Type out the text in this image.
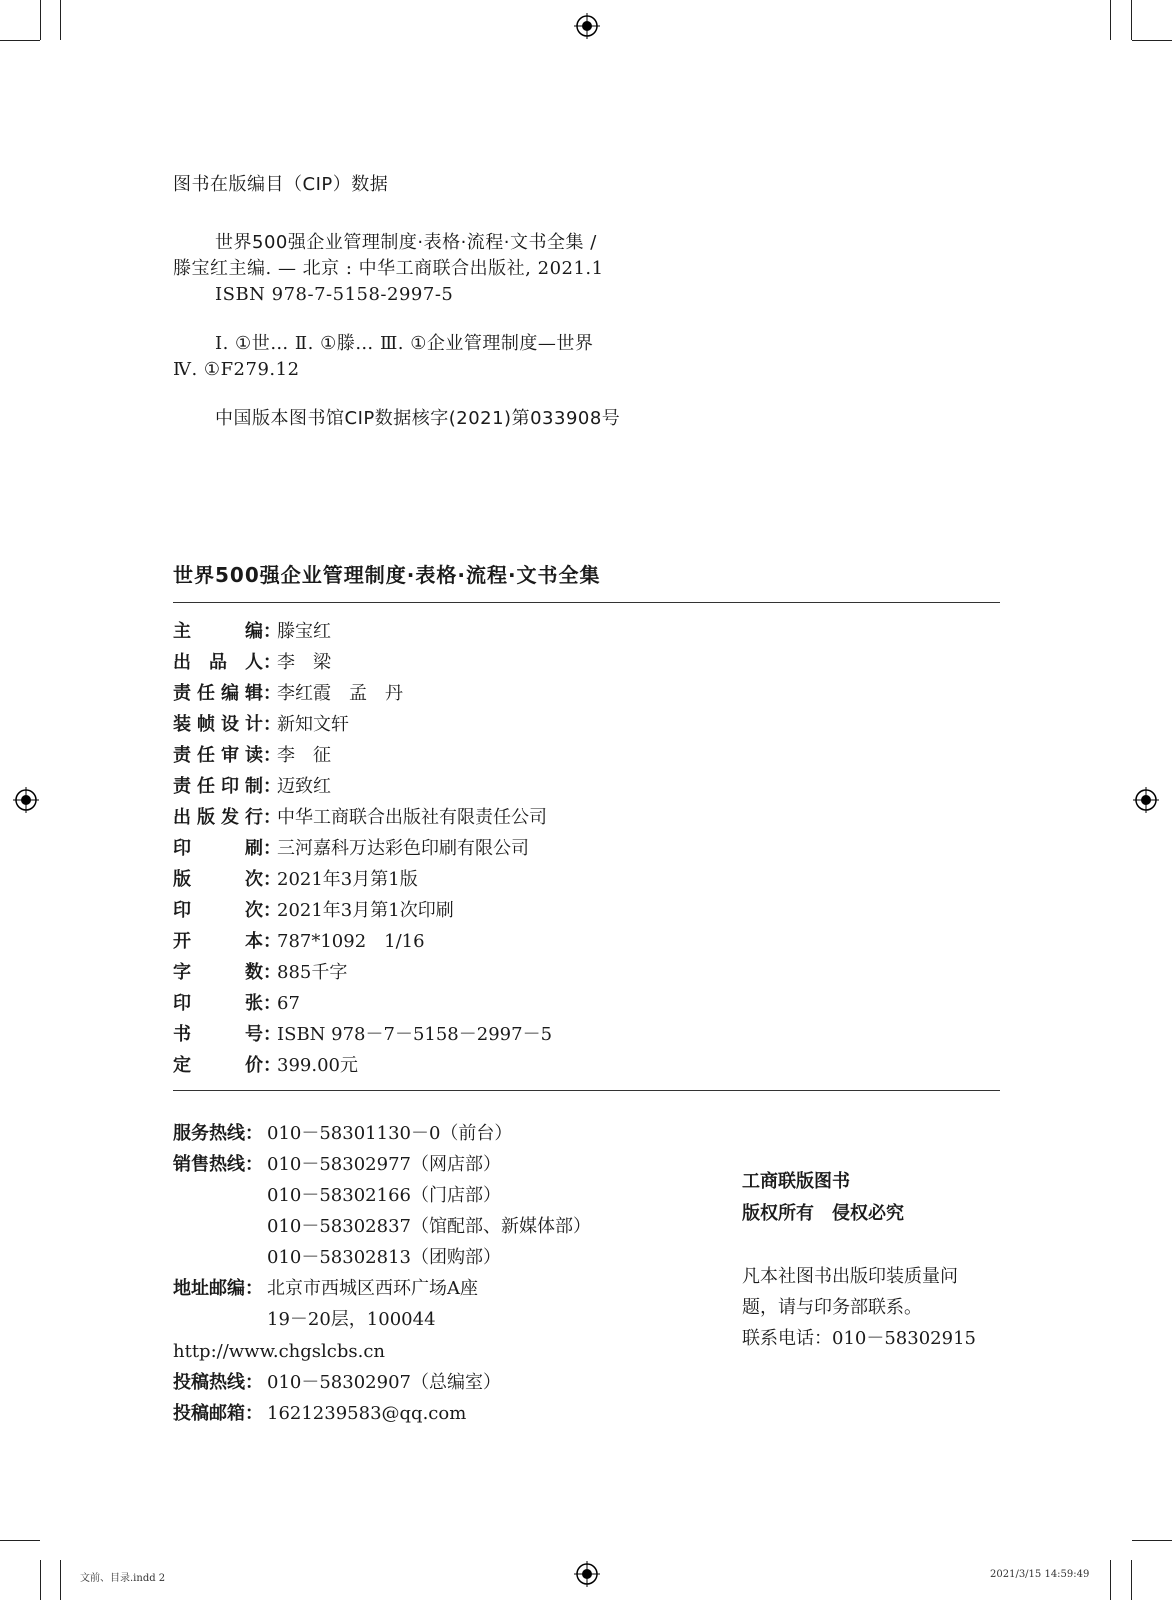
图书在版编目（CIP）数据
世界500强企业管理制度·表格·流程·文书全集 /
滕宝红主编. — 北京 : 中华工商联合出版社, 2021.1
ISBN 978-7-5158-2997-5
Ⅰ. ①世… Ⅱ. ①滕… Ⅲ. ①企业管理制度—世界
Ⅳ. ①F279.12
中国版本图书馆CIP数据核字(2021)第033908号
世界500强企业管理制度·表格·流程·文书全集
主编：滕宝红
出品人：李　梁
责任编辑：李红霞　孟　丹
装帧设计：新知文轩
责任审读：李　征
责任印制：迈致红
出版发行：中华工商联合出版社有限责任公司
印刷：三河嘉科万达彩色印刷有限公司
版次：2021年3月第1版
印次：2021年3月第1次印刷
开本：787*1092　1/16
字数：885千字
印张：67
书号：ISBN 978－7－5158－2997－5
定价：399.00元
服务热线： 010－58301130－0（前台）
销售热线： 010－58302977（网店部）
010－58302166（门店部）
010－58302837（馆配部、新媒体部）
010－58302813（团购部）
地址邮编： 北京市西城区西环广场A座
19－20层，100044
http://www.chgslcbs.cn
投稿热线： 010－58302907（总编室）
投稿邮箱： 1621239583@qq.com
工商联版图书
版权所有　侵权必究
凡本社图书出版印装质量问
题，请与印务部联系。
联系电话：010－58302915
文前、目录.indd 2	2021/3/15 14:59:49
